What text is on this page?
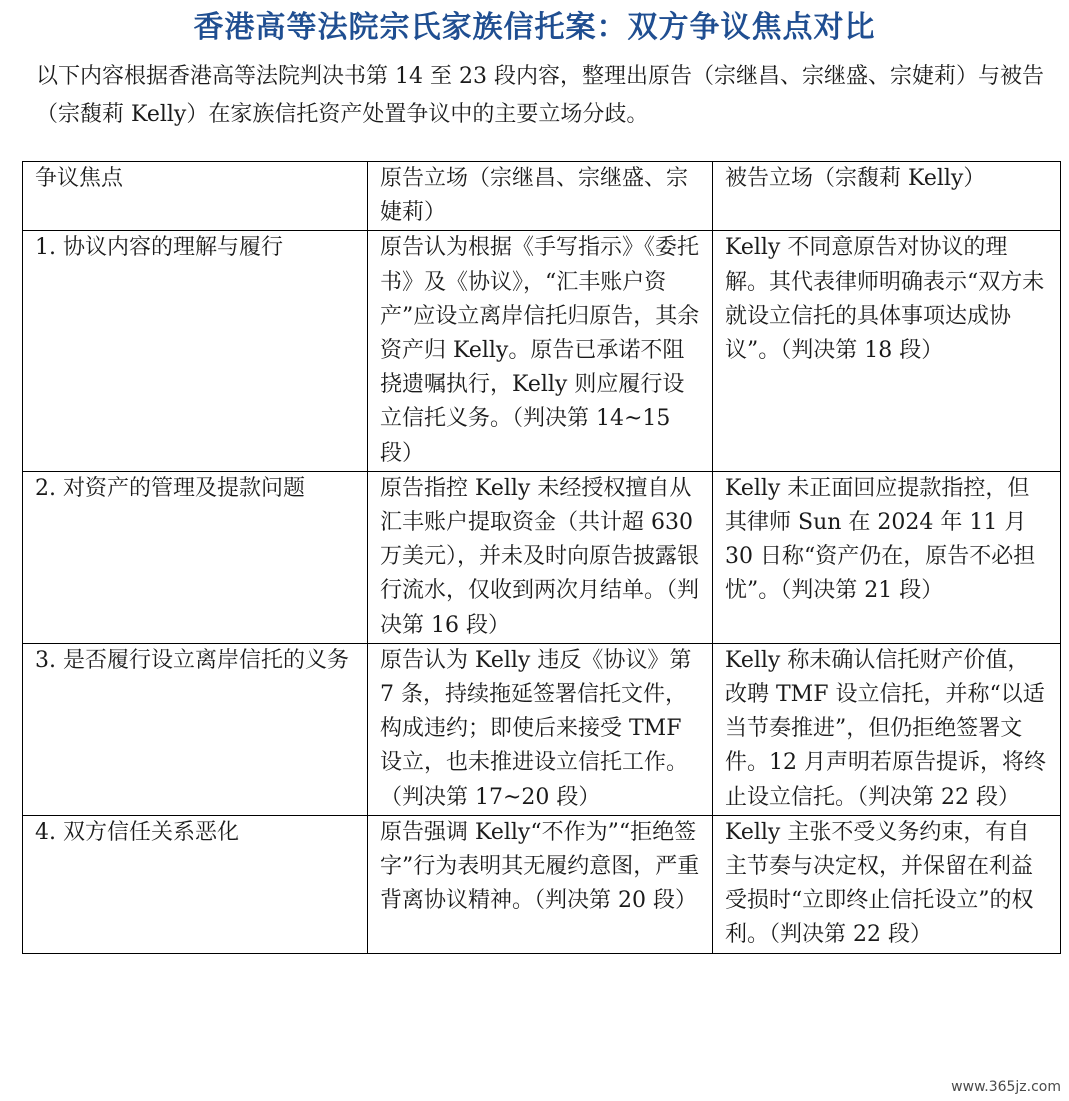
香港高等法院宗氏家族信托案：双方争议焦点对比

以下内容根据香港高等法院判决书第 14 至 23 段内容，整理出原告（宗继昌、宗继盛、宗婕莉）与被告（宗馥莉 Kelly）在家族信托资产处置争议中的主要立场分歧。

争议焦点	原告立场（宗继昌、宗继盛、宗婕莉）	被告立场（宗馥莉 Kelly）
1. 协议内容的理解与履行	原告认为根据《手写指示》《委托书》及《协议》，“汇丰账户资产”应设立离岸信托归原告，其余资产归 Kelly。原告已承诺不阻挠遗嘱执行，Kelly 则应履行设立信托义务。（判决第 14~15 段）	Kelly 不同意原告对协议的理解。其代表律师明确表示“双方未就设立信托的具体事项达成协议”。（判决第 18 段）
2. 对资产的管理及提款问题	原告指控 Kelly 未经授权擅自从汇丰账户提取资金（共计超 630 万美元），并未及时向原告披露银行流水，仅收到两次月结单。（判决第 16 段）	Kelly 未正面回应提款指控，但其律师 Sun 在 2024 年 11 月 30 日称“资产仍在，原告不必担忧”。（判决第 21 段）
3. 是否履行设立离岸信托的义务	原告认为 Kelly 违反《协议》第 7 条，持续拖延签署信托文件，构成违约；即使后来接受 TMF 设立，也未推进设立信托工作。（判决第 17~20 段）	Kelly 称未确认信托财产价值，改聘 TMF 设立信托，并称“以适当节奏推进”，但仍拒绝签署文件。12 月声明若原告提诉，将终止设立信托。（判决第 22 段）
4. 双方信任关系恶化	原告强调 Kelly“不作为”“拒绝签字”行为表明其无履约意图，严重背离协议精神。（判决第 20 段）	Kelly 主张不受义务约束，有自主节奏与决定权，并保留在利益受损时“立即终止信托设立”的权利。（判决第 22 段）
www.365jz.com
